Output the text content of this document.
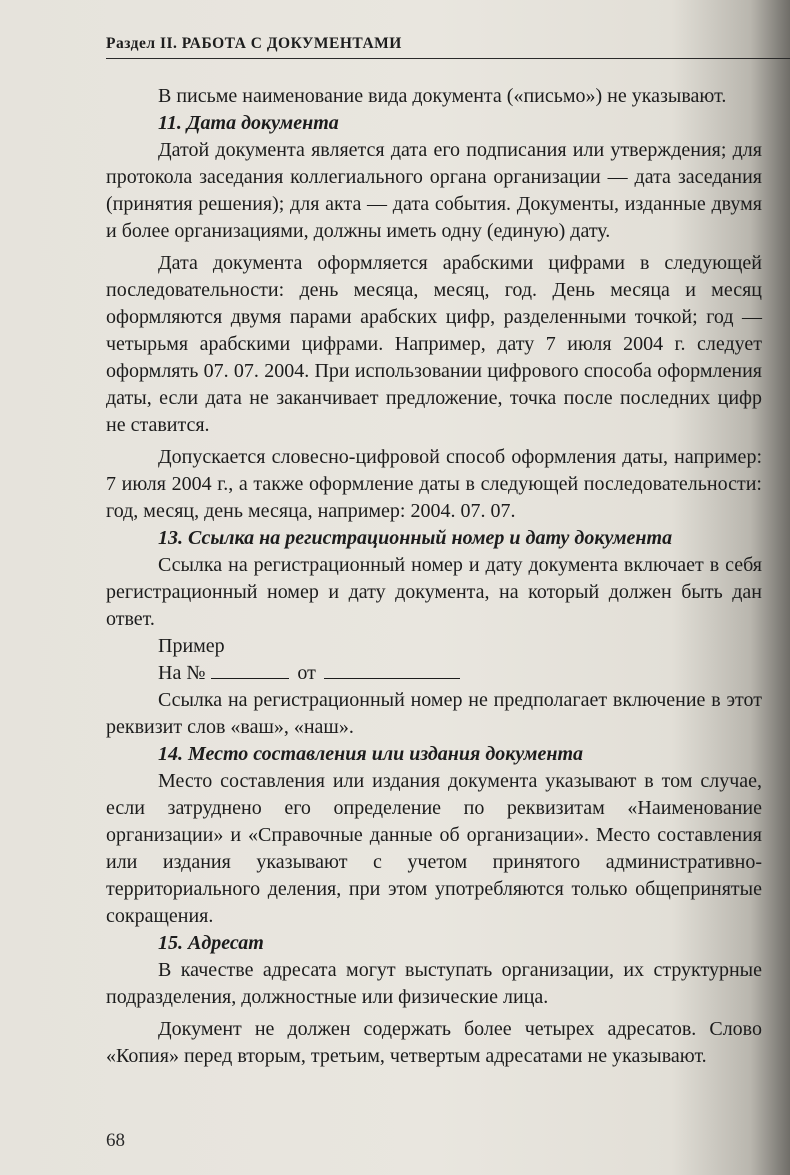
Раздел II. РАБОТА С ДОКУМЕНТАМИ

В письме наименование вида документа («письмо») не указывают.

11. Дата документа

Датой документа является дата его подписания или утверждения; для протокола заседания коллегиального органа организации — дата заседания (принятия решения); для акта — дата события. Документы, изданные двумя и более организациями, должны иметь одну (единую) дату.

Дата документа оформляется арабскими цифрами в следующей последовательности: день месяца, месяц, год. День месяца и месяц оформляются двумя парами арабских цифр, разделенными точкой; год — четырьмя арабскими цифрами. Например, дату 7 июля 2004 г. следует оформлять 07. 07. 2004. При использовании цифрового способа оформления даты, если дата не заканчивает предложение, точка после последних цифр не ставится.

Допускается словесно-цифровой способ оформления даты, например: 7 июля 2004 г., а также оформление даты в следующей последовательности: год, месяц, день месяца, например: 2004. 07. 07.

13. Ссылка на регистрационный номер и дату документа

Ссылка на регистрационный номер и дату документа включает в себя регистрационный номер и дату документа, на который должен быть дан ответ.

Пример
На №	от

Ссылка на регистрационный номер не предполагает включение в этот реквизит слов «ваш», «наш».

14. Место составления или издания документа

Место составления или издания документа указывают в том случае, если затруднено его определение по реквизитам «Наименование организации» и «Справочные данные об организации». Место составления или издания указывают с учетом принятого административно-территориального деления, при этом употребляются только общепринятые сокращения.

15. Адресат

В качестве адресата могут выступать организации, их структурные подразделения, должностные или физические лица.

Документ не должен содержать более четырех адресатов. Слово «Копия» перед вторым, третьим, четвертым адресатами не указывают.

68
